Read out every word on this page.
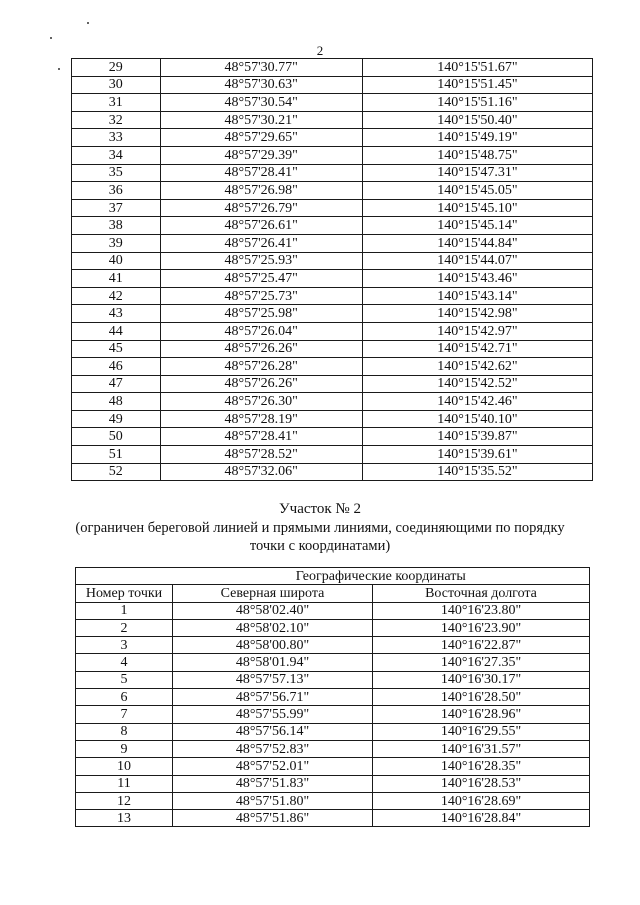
2
29	48°57'30.77"	140°15'51.67"
30	48°57'30.63"	140°15'51.45"
31	48°57'30.54"	140°15'51.16"
32	48°57'30.21"	140°15'50.40"
33	48°57'29.65"	140°15'49.19"
34	48°57'29.39"	140°15'48.75"
35	48°57'28.41"	140°15'47.31"
36	48°57'26.98"	140°15'45.05"
37	48°57'26.79"	140°15'45.10"
38	48°57'26.61"	140°15'45.14"
39	48°57'26.41"	140°15'44.84"
40	48°57'25.93"	140°15'44.07"
41	48°57'25.47"	140°15'43.46"
42	48°57'25.73"	140°15'43.14"
43	48°57'25.98"	140°15'42.98"
44	48°57'26.04"	140°15'42.97"
45	48°57'26.26"	140°15'42.71"
46	48°57'26.28"	140°15'42.62"
47	48°57'26.26"	140°15'42.52"
48	48°57'26.30"	140°15'42.46"
49	48°57'28.19"	140°15'40.10"
50	48°57'28.41"	140°15'39.87"
51	48°57'28.52"	140°15'39.61"
52	48°57'32.06"	140°15'35.52"
Участок № 2
(ограничен береговой линией и прямыми линиями, соединяющими по порядку точки с координатами)
	Географические координаты	
Номер точки	Северная широта	Восточная долгота
1	48°58'02.40"	140°16'23.80"
2	48°58'02.10"	140°16'23.90"
3	48°58'00.80"	140°16'22.87"
4	48°58'01.94"	140°16'27.35"
5	48°57'57.13"	140°16'30.17"
6	48°57'56.71"	140°16'28.50"
7	48°57'55.99"	140°16'28.96"
8	48°57'56.14"	140°16'29.55"
9	48°57'52.83"	140°16'31.57"
10	48°57'52.01"	140°16'28.35"
11	48°57'51.83"	140°16'28.53"
12	48°57'51.80"	140°16'28.69"
13	48°57'51.86"	140°16'28.84"
